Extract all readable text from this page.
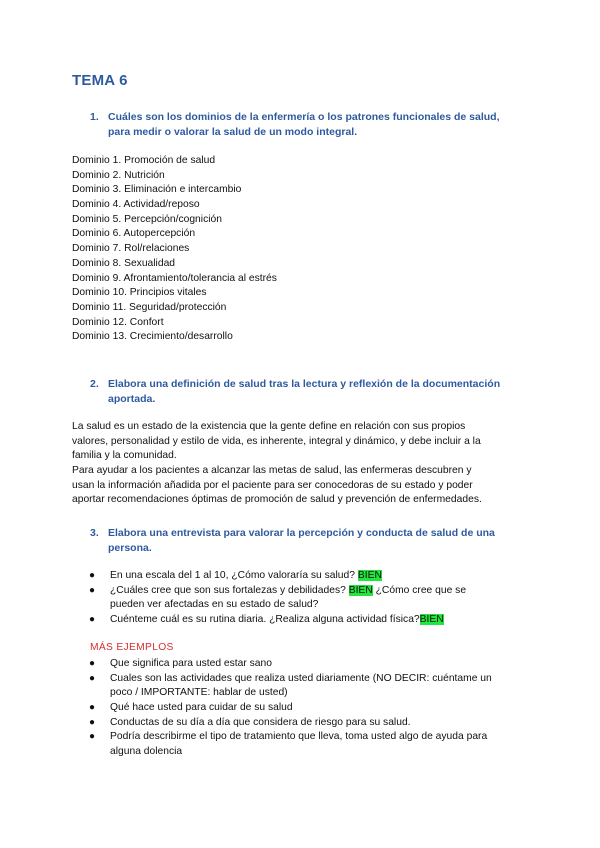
TEMA 6
1. Cuáles son los dominios de la enfermería o los patrones funcionales de salud,
para medir o valorar la salud de un modo integral.
Dominio 1. Promoción de salud
Dominio 2. Nutrición
Dominio 3. Eliminación e intercambio
Dominio 4. Actividad/reposo
Dominio 5. Percepción/cognición
Dominio 6. Autopercepción
Dominio 7. Rol/relaciones
Dominio 8. Sexualidad
Dominio 9. Afrontamiento/tolerancia al estrés
Dominio 10. Principios vitales
Dominio 11. Seguridad/protección
Dominio 12. Confort
Dominio 13. Crecimiento/desarrollo
2. Elabora una definición de salud tras la lectura y reflexión de la documentación
aportada.
La salud es un estado de la existencia que la gente define en relación con sus propios
valores, personalidad y estilo de vida, es inherente, integral y dinámico, y debe incluir a la
familia y la comunidad.
Para ayudar a los pacientes a alcanzar las metas de salud, las enfermeras descubren y
usan la información añadida por el paciente para ser conocedoras de su estado y poder
aportar recomendaciones óptimas de promoción de salud y prevención de enfermedades.
3. Elabora una entrevista para valorar la percepción y conducta de salud de una
persona.
● En una escala del 1 al 10, ¿Cómo valoraría su salud? BIEN
● ¿Cuáles cree que son sus fortalezas y debilidades? BIEN ¿Cómo cree que se
pueden ver afectadas en su estado de salud?
● Cuénteme cuál es su rutina diaria. ¿Realiza alguna actividad física?BIEN
MÁS EJEMPLOS
● Que significa para usted estar sano
● Cuales son las actividades que realiza usted diariamente (NO DECIR: cuéntame un
poco / IMPORTANTE: hablar de usted)
● Qué hace usted para cuidar de su salud
● Conductas de su día a día que considera de riesgo para su salud.
● Podría describirme el tipo de tratamiento que lleva, toma usted algo de ayuda para
alguna dolencia
